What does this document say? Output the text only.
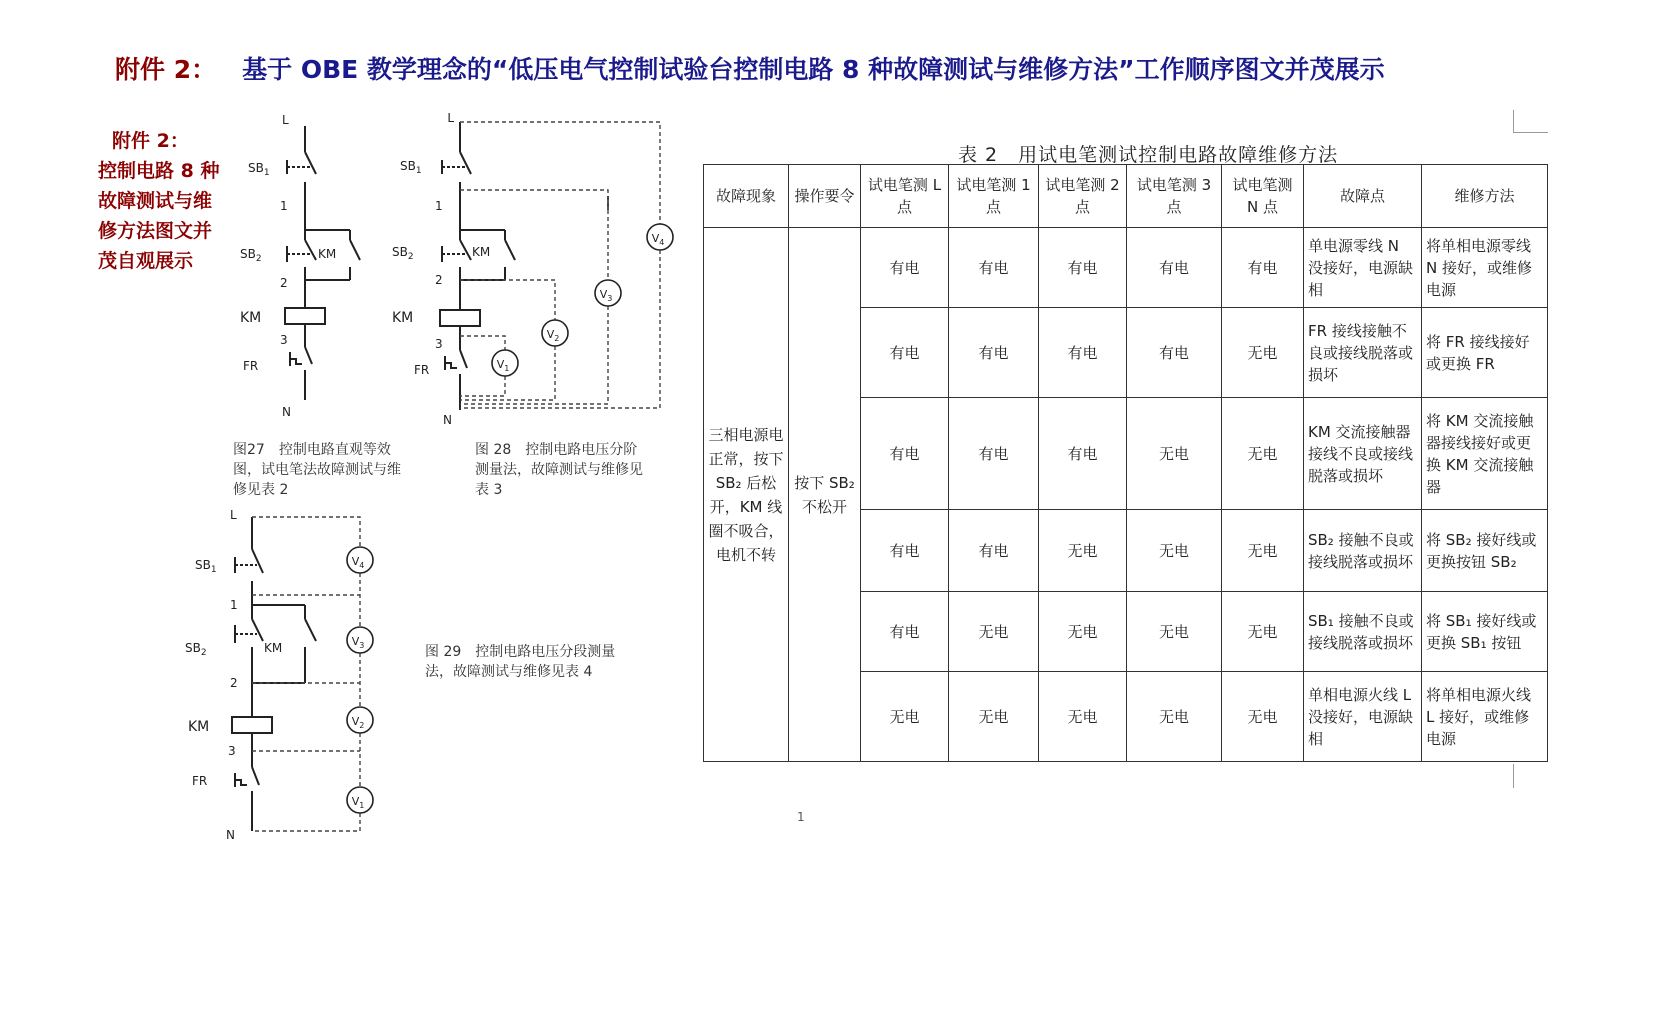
附件 2： 基于 OBE 教学理念的“低压电气控制试验台控制电路 8 种故障测试与维修方法”工作顺序图文并茂展示
附件 2：
控制电路 8 种故障测试与维修方法图文并茂自观展示
L
$SB_1$
1
$SB_2$	KM
2
KM
3
FR
N
$V_4$
$V_3$
$V_2$
$V_1$
L
$SB_1$
1
$SB_2$	KM
2
KM
3
FR
N
$V_4$
$V_3$
$V_2$
$V_1$
L
$SB_1$
1
$SB_2$	KM
2
KM
3
FR
N
图27　控制电路直观等效图，试电笔法故障测试与维修见表 2
图 28　控制电路电压分阶测量法，故障测试与维修见表 3
图 29　控制电路电压分段测量法，故障测试与维修见表 4
表 2　用试电笔测试控制电路故障维修方法
故障现象	操作要令	试电笔测 L 点	试电笔测 1 点	试电笔测 2 点	试电笔测 3 点	试电笔测 N 点	故障点	维修方法
三相电源电正常，按下 SB₂ 后松开，KM 线圈不吸合，电机不转	按下 SB₂ 不松开	有电	有电	有电	有电	有电	单电源零线 N 没接好，电源缺相	将单相电源零线 N 接好，或维修电源
		有电	有电	有电	有电	无电	FR 接线接触不良或接线脱落或损坏	将 FR 接线接好或更换 FR
		有电	有电	有电	无电	无电	KM 交流接触器接线不良或接线脱落或损坏	将 KM 交流接触器接线接好或更换 KM 交流接触器
		有电	有电	无电	无电	无电	SB₂ 接触不良或接线脱落或损坏	将 SB₂ 接好线或更换按钮 SB₂
		有电	无电	无电	无电	无电	SB₁ 接触不良或接线脱落或损坏	将 SB₁ 接好线或更换 SB₁ 按钮
		无电	无电	无电	无电	无电	单相电源火线 L 没接好，电源缺相	将单相电源火线 L 接好，或维修电源
1
